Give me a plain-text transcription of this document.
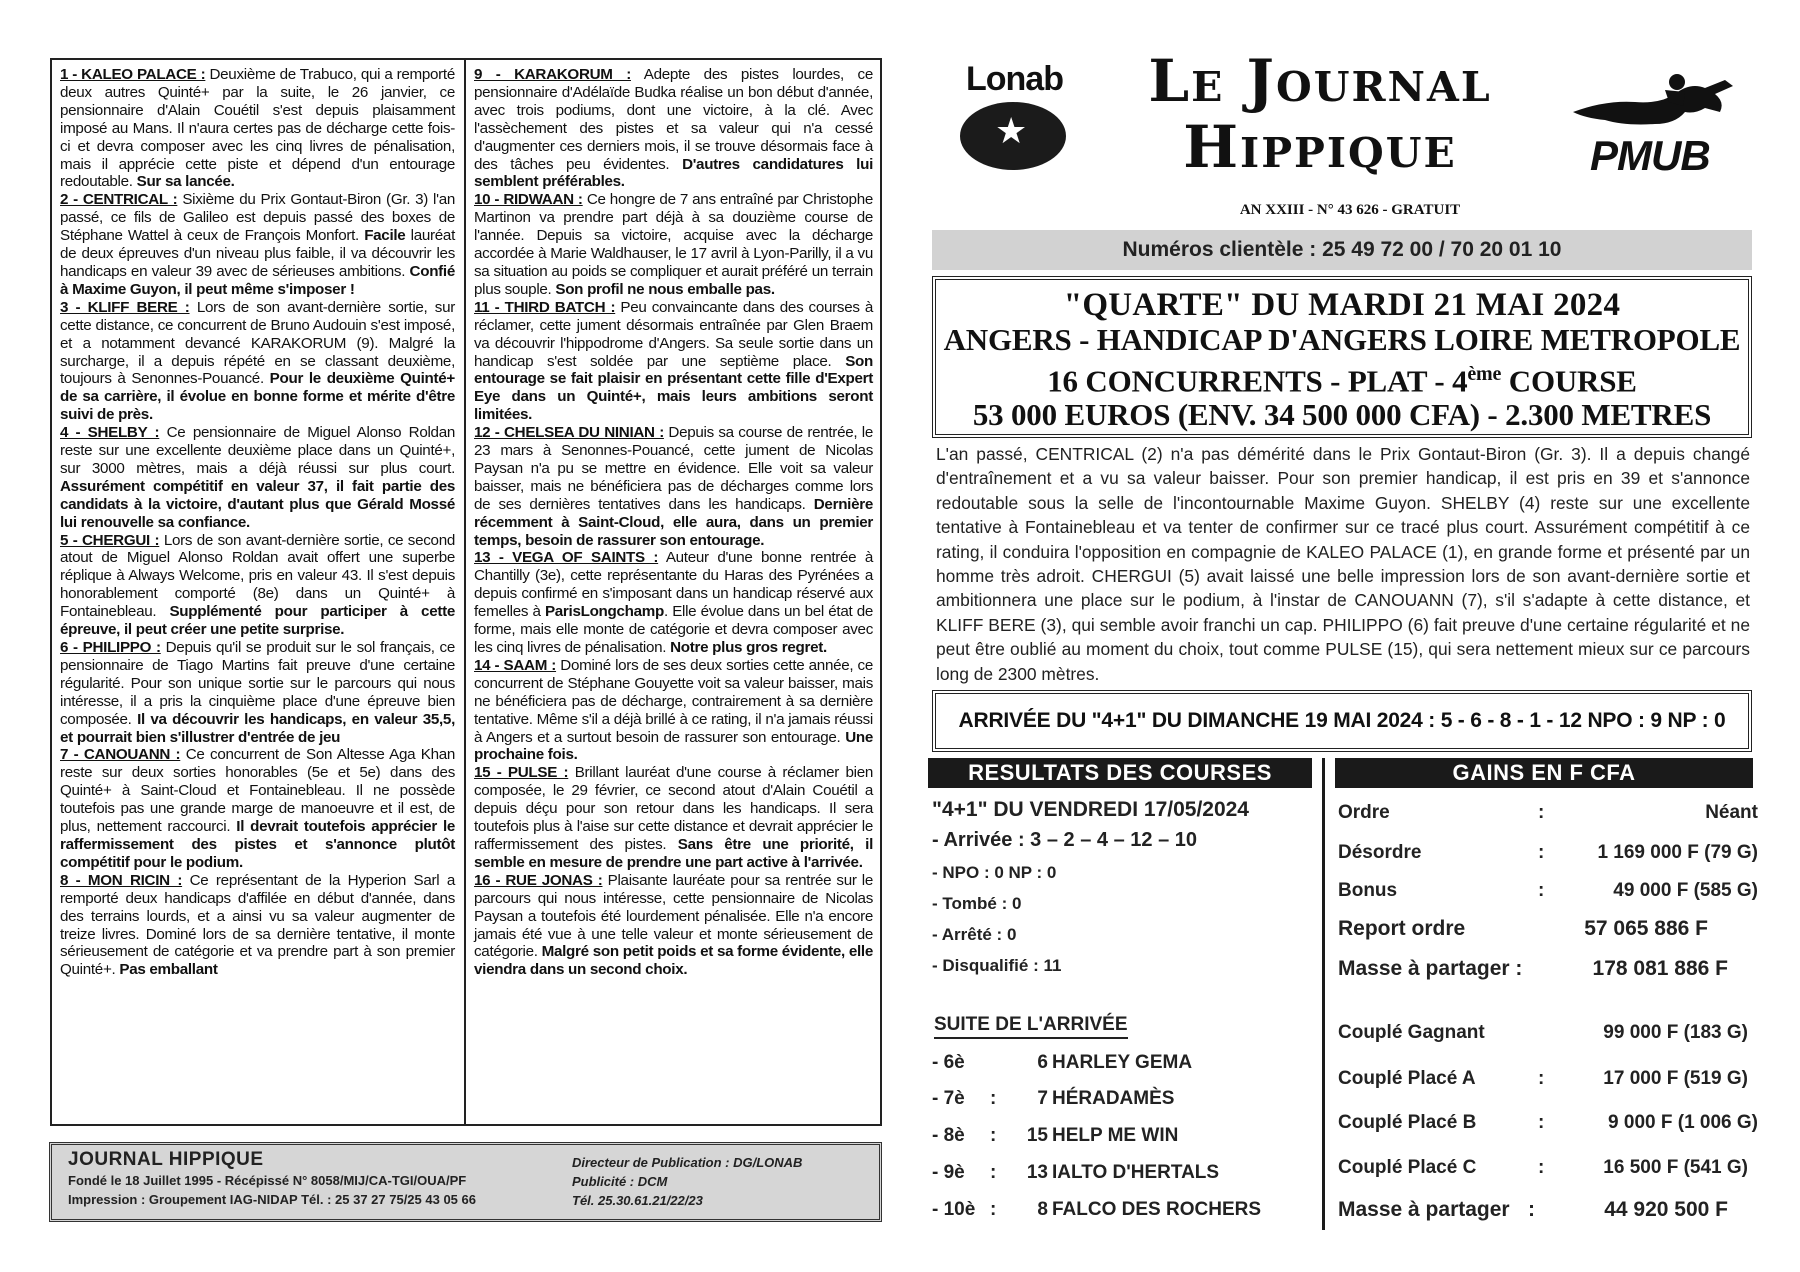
1 - KALEO PALACE : Deuxième de Trabuco, qui a remporté deux autres Quinté+ par la suite, le 26 janvier, ce pensionnaire d'Alain Couétil s'est depuis plaisamment imposé au Mans. Il n'aura certes pas de décharge cette fois-ci et devra composer avec les cinq livres de pénalisation, mais il apprécie cette piste et dépend d'un entourage redoutable. Sur sa lancée.

2 - CENTRICAL : Sixième du Prix Gontaut-Biron (Gr. 3) l'an passé, ce fils de Galileo est depuis passé des boxes de Stéphane Wattel à ceux de François Monfort. Facile lauréat de deux épreuves d'un niveau plus faible, il va découvrir les handicaps en valeur 39 avec de sérieuses ambitions. Confié à Maxime Guyon, il peut même s'imposer !

3 - KLIFF BERE : Lors de son avant-dernière sortie, sur cette distance, ce concurrent de Bruno Audouin s'est imposé, et a notamment devancé KARAKORUM (9). Malgré la surcharge, il a depuis répété en se classant deuxième, toujours à Senonnes-Pouancé. Pour le deuxième Quinté+ de sa carrière, il évolue en bonne forme et mérite d'être suivi de près.

4 - SHELBY : Ce pensionnaire de Miguel Alonso Roldan reste sur une excellente deuxième place dans un Quinté+, sur 3000 mètres, mais a déjà réussi sur plus court. Assurément compétitif en valeur 37, il fait partie des candidats à la victoire, d'autant plus que Gérald Mossé lui renouvelle sa confiance.

5 - CHERGUI : Lors de son avant-dernière sortie, ce second atout de Miguel Alonso Roldan avait offert une superbe réplique à Always Welcome, pris en valeur 43. Il s'est depuis honorablement comporté (8e) dans un Quinté+ à Fontainebleau. Supplémenté pour participer à cette épreuve, il peut créer une petite surprise.

6 - PHILIPPO : Depuis qu'il se produit sur le sol français, ce pensionnaire de Tiago Martins fait preuve d'une certaine régularité. Pour son unique sortie sur le parcours qui nous intéresse, il a pris la cinquième place d'une épreuve bien composée. Il va découvrir les handicaps, en valeur 35,5, et pourrait bien s'illustrer d'entrée de jeu

7 - CANOUANN : Ce concurrent de Son Altesse Aga Khan reste sur deux sorties honorables (5e et 5e) dans des Quinté+ à Saint-Cloud et Fontainebleau. Il ne possède toutefois pas une grande marge de manoeuvre et il est, de plus, nettement raccourci. Il devrait toutefois apprécier le raffermissement des pistes et s'annonce plutôt compétitif pour le podium.

8 - MON RICIN : Ce représentant de la Hyperion Sarl a remporté deux handicaps d'affilée en début d'année, dans des terrains lourds, et a ainsi vu sa valeur augmenter de treize livres. Dominé lors de sa dernière tentative, il monte sérieusement de catégorie et va prendre part à son premier Quinté+. Pas emballant

9 - KARAKORUM : Adepte des pistes lourdes, ce pensionnaire d'Adélaïde Budka réalise un bon début d'année, avec trois podiums, dont une victoire, à la clé. Avec l'assèchement des pistes et sa valeur qui n'a cessé d'augmenter ces derniers mois, il se trouve désormais face à des tâches peu évidentes. D'autres candidatures lui semblent préférables.

10 - RIDWAAN : Ce hongre de 7 ans entraîné par Christophe Martinon va prendre part déjà à sa douzième course de l'année. Depuis sa victoire, acquise avec la décharge accordée à Marie Waldhauser, le 17 avril à Lyon-Parilly, il a vu sa situation au poids se compliquer et aurait préféré un terrain plus souple. Son profil ne nous emballe pas.

11 - THIRD BATCH : Peu convaincante dans des courses à réclamer, cette jument désormais entraînée par Glen Braem va découvrir l'hippodrome d'Angers. Sa seule sortie dans un handicap s'est soldée par une septième place. Son entourage se fait plaisir en présentant cette fille d'Expert Eye dans un Quinté+, mais leurs ambitions seront limitées.

12 - CHELSEA DU NINIAN : Depuis sa course de rentrée, le 23 mars à Senonnes-Pouancé, cette jument de Nicolas Paysan n'a pu se mettre en évidence. Elle voit sa valeur baisser, mais ne bénéficiera pas de décharges comme lors de ses dernières tentatives dans les handicaps. Dernière récemment à Saint-Cloud, elle aura, dans un premier temps, besoin de rassurer son entourage.

13 - VEGA OF SAINTS : Auteur d'une bonne rentrée à Chantilly (3e), cette représentante du Haras des Pyrénées a depuis confirmé en s'imposant dans un handicap réservé aux femelles à ParisLongchamp. Elle évolue dans un bel état de forme, mais elle monte de catégorie et devra composer avec les cinq livres de pénalisation. Notre plus gros regret.

14 - SAAM : Dominé lors de ses deux sorties cette année, ce concurrent de Stéphane Gouyette voit sa valeur baisser, mais ne bénéficiera pas de décharge, contrairement à sa dernière tentative. Même s'il a déjà brillé à ce rating, il n'a jamais réussi à Angers et a surtout besoin de rassurer son entourage. Une prochaine fois.

15 - PULSE : Brillant lauréat d'une course à réclamer bien composée, le 29 février, ce second atout d'Alain Couétil a depuis déçu pour son retour dans les handicaps. Il sera toutefois plus à l'aise sur cette distance et devrait apprécier le raffermissement des pistes. Sans être une priorité, il semble en mesure de prendre une part active à l'arrivée.

16 - RUE JONAS : Plaisante lauréate pour sa rentrée sur le parcours qui nous intéresse, cette pensionnaire de Nicolas Paysan a toutefois été lourdement pénalisée. Elle n'a encore jamais été vue à une telle valeur et monte sérieusement de catégorie. Malgré son petit poids et sa forme évidente, elle viendra dans un second choix.

JOURNAL HIPPIQUE
Fondé le 18 Juillet 1995 - Récépissé N° 8058/MIJ/CA-TGI/OUA/PF
Impression : Groupement IAG-NIDAP Tél. : 25 37 27 75/25 43 05 66
Directeur de Publication : DG/LONAB
Publicité : DCM
Tél. 25.30.61.21/22/23
Lonab
★
Le Journal
Hippique
AN XXIII - N° 43 626 - GRATUIT
PMUB
Numéros clientèle : 25 49 72 00 / 70 20 01 10
"QUARTE" DU MARDI 21 MAI 2024
ANGERS - HANDICAP D'ANGERS LOIRE METROPOLE
16 CONCURRENTS - PLAT - 4ème COURSE
53 000 EUROS (ENV. 34 500 000 CFA) - 2.300 METRES

L'an passé, CENTRICAL (2) n'a pas démérité dans le Prix Gontaut-Biron (Gr. 3). Il a depuis changé d'entraînement et a vu sa valeur baisser. Pour son premier handicap, il est pris en 39 et s'annonce redoutable sous la selle de l'incontournable Maxime Guyon. SHELBY (4) reste sur une excellente tentative à Fontainebleau et va tenter de confirmer sur ce tracé plus court. Assurément compétitif à ce rating, il conduira l'opposition en compagnie de KALEO PALACE (1), en grande forme et présenté par un homme très adroit. CHERGUI (5) avait laissé une belle impression lors de son avant-dernière sortie et ambitionnera une place sur le podium, à l'instar de CANOUANN (7), s'il s'adapte à cette distance, et KLIFF BERE (3), qui semble avoir franchi un cap. PHILIPPO (6) fait preuve d'une certaine régularité et ne peut être oublié au moment du choix, tout comme PULSE (15), qui sera nettement mieux sur ce parcours long de 2300 mètres.

ARRIVÉE DU "4+1" DU DIMANCHE 19 MAI 2024 : 5 - 6 - 8 - 1 - 12 NPO : 9 NP : 0
RESULTATS DES COURSES	GAINS EN F CFA
"4+1" DU VENDREDI 17/05/2024
- Arrivée : 3 – 2 – 4 – 12 – 10
- NPO : 0 NP : 0
- Tombé : 0
- Arrêté : 0
- Disqualifié : 11
SUITE DE L'ARRIVÉE
- 6è	6 HARLEY GEMA
- 7è :	7 HÉRADAMÈS
- 8è :	15 HELP ME WIN
- 9è :	13 IALTO D'HERTALS
- 10è :	8 FALCO DES ROCHERS
Ordre	:	Néant
Désordre	:	1 169 000 F (79 G)
Bonus	:	49 000 F (585 G)
Report ordre	57 065 886 F
Masse à partager :	178 081 886 F
Couplé Gagnant	99 000 F (183 G)
Couplé Placé A	:	17 000 F (519 G)
Couplé Placé B	:	9 000 F (1 006 G)
Couplé Placé C	:	16 500 F (541 G)
Masse à partager :	44 920 500 F
